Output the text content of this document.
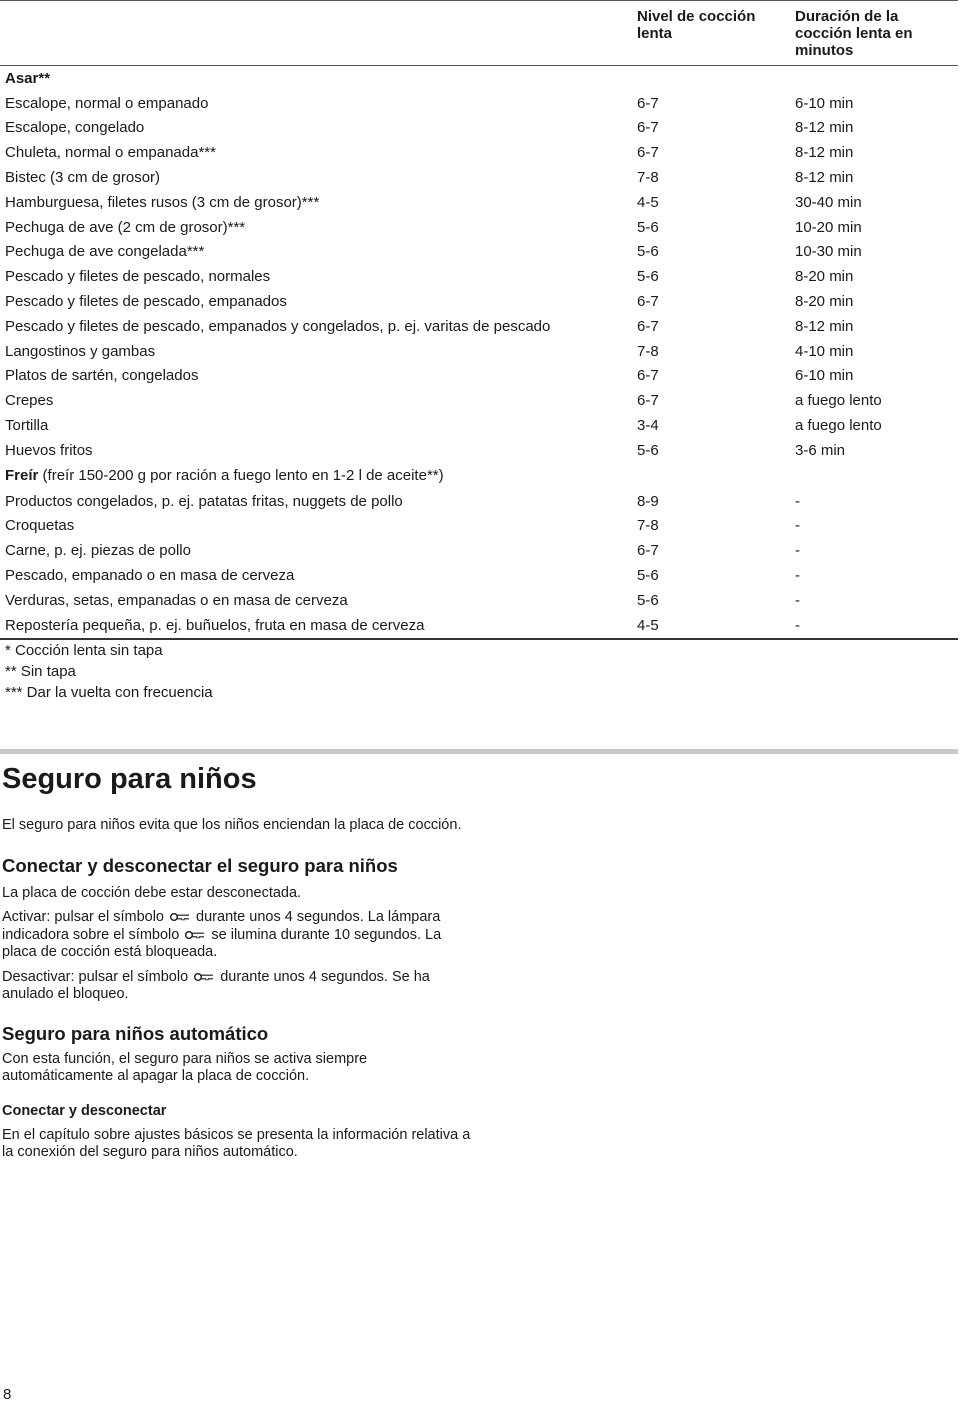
	Nivel de cocción lenta	Duración de la cocción lenta en minutos
Asar**		
Escalope, normal o empanado	6-7	6-10 min
Escalope, congelado	6-7	8-12 min
Chuleta, normal o empanada***	6-7	8-12 min
Bistec (3 cm de grosor)	7-8	8-12 min
Hamburguesa, filetes rusos (3 cm de grosor)***	4-5	30-40 min
Pechuga de ave (2 cm de grosor)***	5-6	10-20 min
Pechuga de ave congelada***	5-6	10-30 min
Pescado y filetes de pescado, normales	5-6	8-20 min
Pescado y filetes de pescado, empanados	6-7	8-20 min
Pescado y filetes de pescado, empanados y congelados, p. ej. varitas de pescado	6-7	8-12 min
Langostinos y gambas	7-8	4-10 min
Platos de sartén, congelados	6-7	6-10 min
Crepes	6-7	a fuego lento
Tortilla	3-4	a fuego lento
Huevos fritos	5-6	3-6 min
Freír (freír 150-200 g por ración a fuego lento en 1-2 l de aceite**)		
Productos congelados, p. ej. patatas fritas, nuggets de pollo	8-9	-
Croquetas	7-8	-
Carne, p. ej. piezas de pollo	6-7	-
Pescado, empanado o en masa de cerveza	5-6	-
Verduras, setas, empanadas o en masa de cerveza	5-6	-
Repostería pequeña, p. ej. buñuelos, fruta en masa de cerveza	4-5	-
* Cocción lenta sin tapa
** Sin tapa
*** Dar la vuelta con frecuencia
Seguro para niños

El seguro para niños evita que los niños enciendan la placa de cocción.

Conectar y desconectar el seguro para niños

La placa de cocción debe estar desconectada.

Activar: pulsar el símbolo durante unos 4 segundos. La lámpara indicadora sobre el símbolo se ilumina durante 10 segundos. La placa de cocción está bloqueada.

Desactivar: pulsar el símbolo durante unos 4 segundos. Se ha anulado el bloqueo.

Seguro para niños automático

Con esta función, el seguro para niños se activa siempre automáticamente al apagar la placa de cocción.

Conectar y desconectar

En el capítulo sobre ajustes básicos se presenta la información relativa a la conexión del seguro para niños automático.

8
